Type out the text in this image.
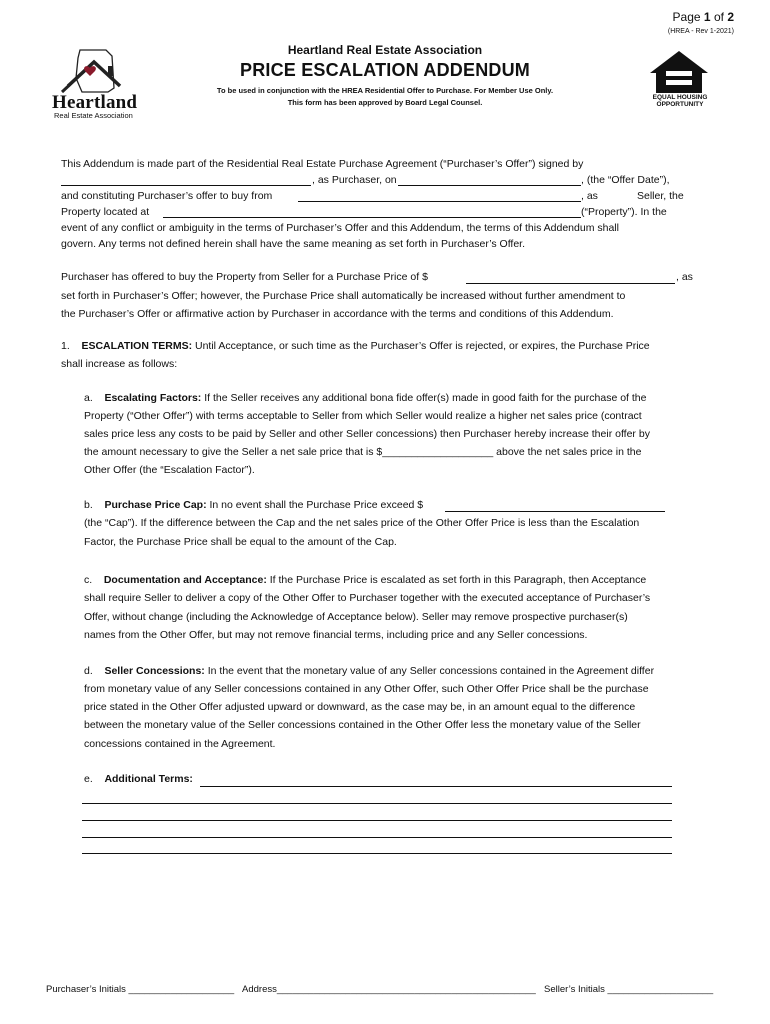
Page 1 of 2
(HREA - Rev 1-2021)
Heartland
Real Estate Association
Heartland Real Estate Association
PRICE ESCALATION ADDENDUM
To be used in conjunction with the HREA Residential Offer to Purchase. For Member Use Only.
This form has been approved by Board Legal Counsel.
EQUAL HOUSING
OPPORTUNITY
This Addendum is made part of the Residential Real Estate Purchase Agreement (“Purchaser’s Offer”) signed by
, as Purchaser, on	, (the “Offer Date”),
and constituting Purchaser’s offer to buy from	, as	Seller, the
Property located at	(“Property”). In the
event of any conflict or ambiguity in the terms of Purchaser’s Offer and this Addendum, the terms of this Addendum shall
govern. Any terms not defined herein shall have the same meaning as set forth in Purchaser’s Offer.
Purchaser has offered to buy the Property from Seller for a Purchase Price of $	, as
set forth in Purchaser’s Offer; however, the Purchase Price shall automatically be increased without further amendment to
the Purchaser’s Offer or affirmative action by Purchaser in accordance with the terms and conditions of this Addendum.
1. ESCALATION TERMS: Until Acceptance, or such time as the Purchaser’s Offer is rejected, or expires, the Purchase Price
shall increase as follows:
a. Escalating Factors: If the Seller receives any additional bona fide offer(s) made in good faith for the purchase of the
Property (“Other Offer”) with terms acceptable to Seller from which Seller would realize a higher net sales price (contract
sales price less any costs to be paid by Seller and other Seller concessions) then Purchaser hereby increase their offer by
the amount necessary to give the Seller a net sale price that is $___________________ above the net sales price in the
Other Offer (the “Escalation Factor”).
b. Purchase Price Cap: In no event shall the Purchase Price exceed $
(the “Cap”). If the difference between the Cap and the net sales price of the Other Offer Price is less than the Escalation
Factor, the Purchase Price shall be equal to the amount of the Cap.
c. Documentation and Acceptance: If the Purchase Price is escalated as set forth in this Paragraph, then Acceptance
shall require Seller to deliver a copy of the Other Offer to Purchaser together with the executed acceptance of Purchaser’s
Offer, without change (including the Acknowledge of Acceptance below). Seller may remove prospective purchaser(s)
names from the Other Offer, but may not remove financial terms, including price and any Seller concessions.
d. Seller Concessions: In the event that the monetary value of any Seller concessions contained in the Agreement differ
from monetary value of any Seller concessions contained in any Other Offer, such Other Offer Price shall be the purchase
price stated in the Other Offer adjusted upward or downward, as the case may be, in an amount equal to the difference
between the monetary value of the Seller concessions contained in the Other Offer less the monetary value of the Seller
concessions contained in the Agreement.
e. Additional Terms:
Purchaser’s Initials ____________________ Address_________________________________________________ Seller’s Initials ____________________
